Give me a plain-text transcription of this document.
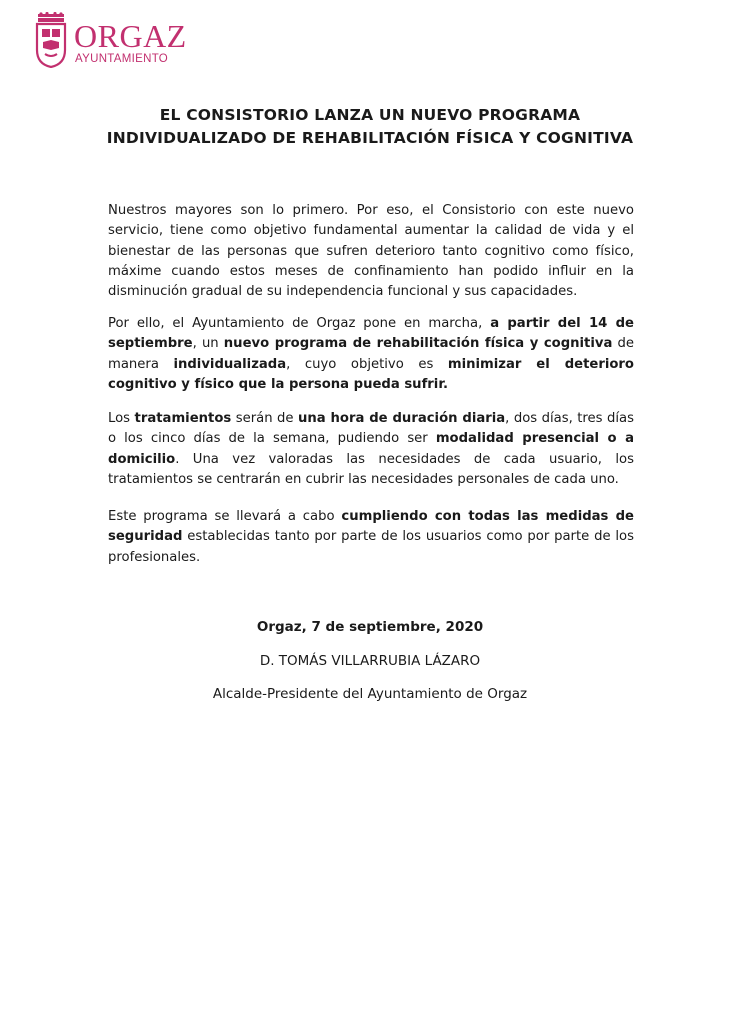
ORGAZ
AYUNTAMIENTO
EL CONSISTORIO LANZA UN NUEVO PROGRAMA INDIVIDUALIZADO DE REHABILITACIÓN FÍSICA Y COGNITIVA

Nuestros mayores son lo primero. Por eso, el Consistorio con este nuevo servicio, tiene como objetivo fundamental aumentar la calidad de vida y el bienestar de las personas que sufren deterioro tanto cognitivo como físico, máxime cuando estos meses de confinamiento han podido influir en la disminución gradual de su independencia funcional y sus capacidades.

Por ello, el Ayuntamiento de Orgaz pone en marcha, a partir del 14 de septiembre, un nuevo programa de rehabilitación física y cognitiva de manera individualizada, cuyo objetivo es minimizar el deterioro cognitivo y físico que la persona pueda sufrir.

Los tratamientos serán de una hora de duración diaria, dos días, tres días o los cinco días de la semana, pudiendo ser modalidad presencial o a domicilio. Una vez valoradas las necesidades de cada usuario, los tratamientos se centrarán en cubrir las necesidades personales de cada uno.

Este programa se llevará a cabo cumpliendo con todas las medidas de seguridad establecidas tanto por parte de los usuarios como por parte de los profesionales.

Orgaz, 7 de septiembre, 2020

D. TOMÁS VILLARRUBIA LÁZARO

Alcalde-Presidente del Ayuntamiento de Orgaz
